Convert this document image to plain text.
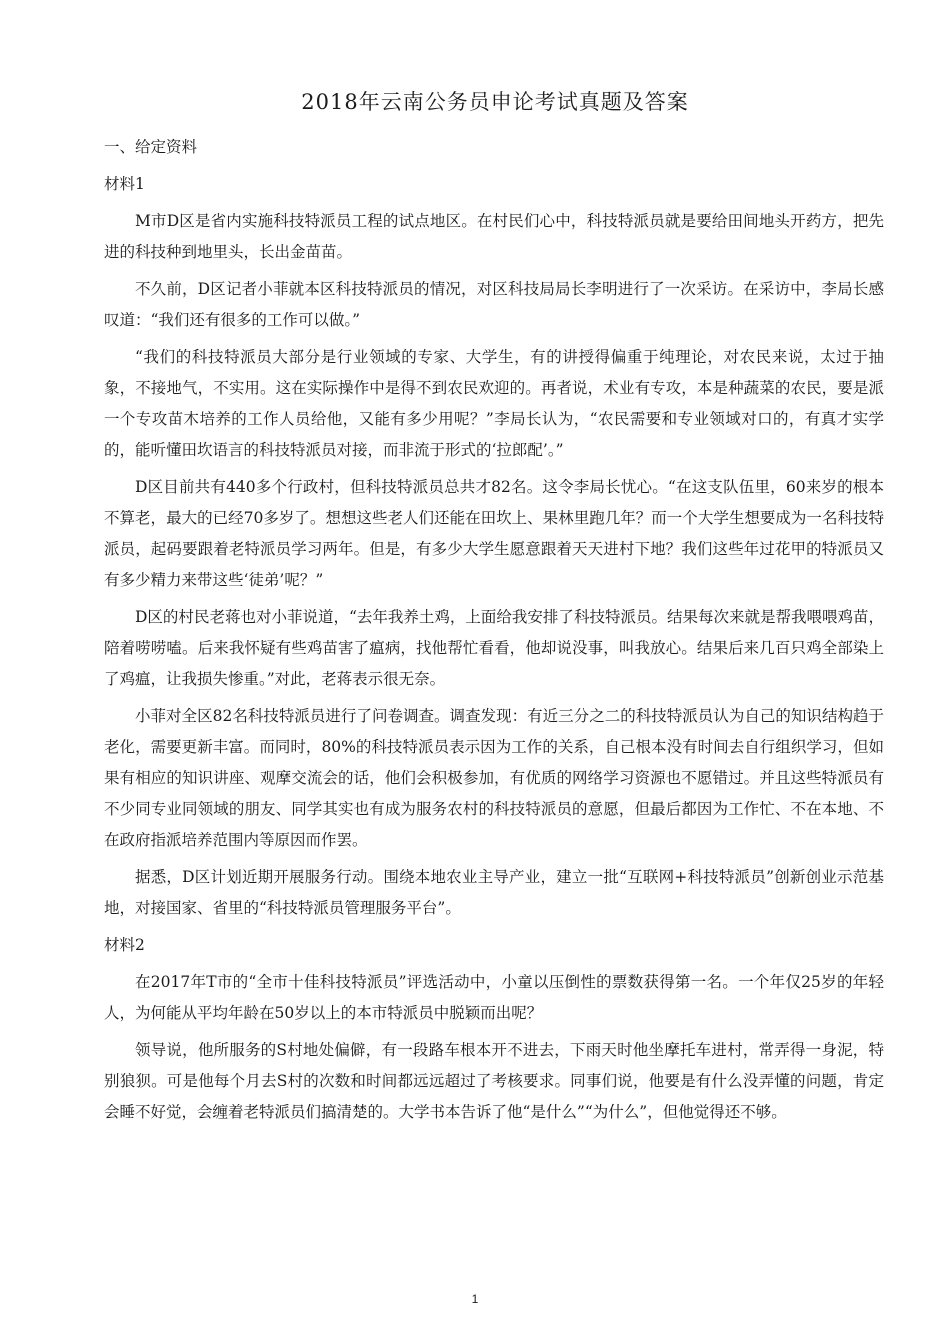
2018年云南公务员申论考试真题及答案

一、给定资料

材料1

M市D区是省内实施科技特派员工程的试点地区。在村民们心中，科技特派员就是要给田间地头开药方，把先进的科技种到地里头，长出金苗苗。

不久前，D区记者小菲就本区科技特派员的情况，对区科技局局长李明进行了一次采访。在采访中，李局长感叹道：“我们还有很多的工作可以做。”

“我们的科技特派员大部分是行业领域的专家、大学生，有的讲授得偏重于纯理论，对农民来说，太过于抽象，不接地气，不实用。这在实际操作中是得不到农民欢迎的。再者说，术业有专攻，本是种蔬菜的农民，要是派一个专攻苗木培养的工作人员给他，又能有多少用呢？”李局长认为，“农民需要和专业领域对口的，有真才实学的，能听懂田坎语言的科技特派员对接，而非流于形式的‘拉郎配’。”

D区目前共有440多个行政村，但科技特派员总共才82名。这令李局长忧心。“在这支队伍里，60来岁的根本不算老，最大的已经70多岁了。想想这些老人们还能在田坎上、果林里跑几年？而一个大学生想要成为一名科技特派员，起码要跟着老特派员学习两年。但是，有多少大学生愿意跟着天天进村下地？我们这些年过花甲的特派员又有多少精力来带这些‘徒弟’呢？”

D区的村民老蒋也对小菲说道，“去年我养土鸡，上面给我安排了科技特派员。结果每次来就是帮我喂喂鸡苗，陪着唠唠嗑。后来我怀疑有些鸡苗害了瘟病，找他帮忙看看，他却说没事，叫我放心。结果后来几百只鸡全部染上了鸡瘟，让我损失惨重。”对此，老蒋表示很无奈。

小菲对全区82名科技特派员进行了问卷调查。调查发现：有近三分之二的科技特派员认为自己的知识结构趋于老化，需要更新丰富。而同时，80%的科技特派员表示因为工作的关系，自己根本没有时间去自行组织学习，但如果有相应的知识讲座、观摩交流会的话，他们会积极参加，有优质的网络学习资源也不愿错过。并且这些特派员有不少同专业同领域的朋友、同学其实也有成为服务农村的科技特派员的意愿，但最后都因为工作忙、不在本地、不在政府指派培养范围内等原因而作罢。

据悉，D区计划近期开展服务行动。围绕本地农业主导产业，建立一批“互联网+科技特派员”创新创业示范基地，对接国家、省里的“科技特派员管理服务平台”。

材料2

在2017年T市的“全市十佳科技特派员”评选活动中，小童以压倒性的票数获得第一名。一个年仅25岁的年轻人，为何能从平均年龄在50岁以上的本市特派员中脱颖而出呢？

领导说，他所服务的S村地处偏僻，有一段路车根本开不进去，下雨天时他坐摩托车进村，常弄得一身泥，特别狼狈。可是他每个月去S村的次数和时间都远远超过了考核要求。同事们说，他要是有什么没弄懂的问题，肯定会睡不好觉，会缠着老特派员们搞清楚的。大学书本告诉了他“是什么”“为什么”，但他觉得还不够。

1
